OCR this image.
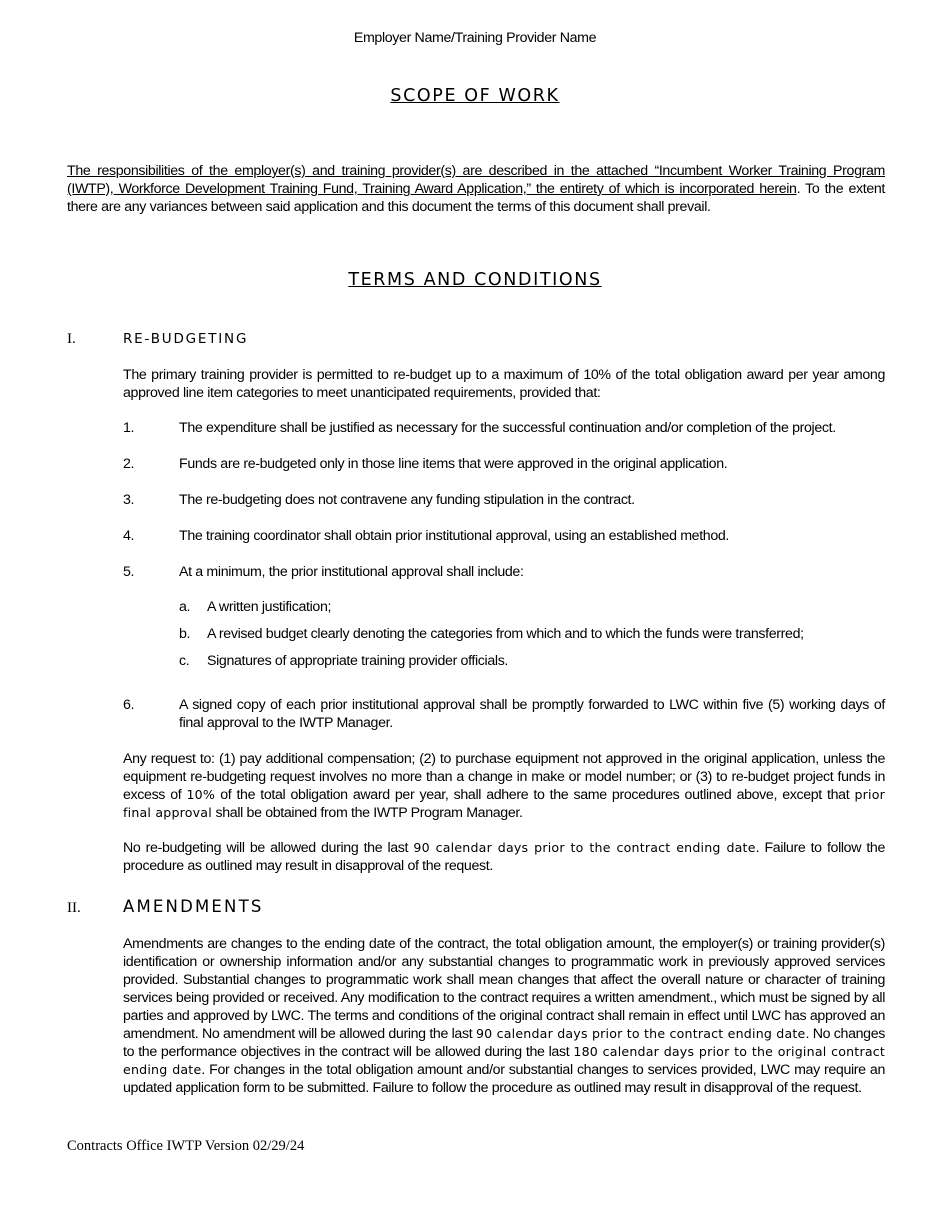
Employer Name/Training Provider Name
SCOPE OF WORK
The responsibilities of the employer(s) and training provider(s) are described in the attached “Incumbent Worker Training Program (IWTP), Workforce Development Training Fund, Training Award Application,” the entirety of which is incorporated herein. To the extent there are any variances between said application and this document the terms of this document shall prevail.
TERMS AND CONDITIONS
I.	RE-BUDGETING
The primary training provider is permitted to re-budget up to a maximum of 10% of the total obligation award per year among approved line item categories to meet unanticipated requirements, provided that:
1.	The expenditure shall be justified as necessary for the successful continuation and/or completion of the project.
2.	Funds are re-budgeted only in those line items that were approved in the original application.
3.	The re-budgeting does not contravene any funding stipulation in the contract.
4.	The training coordinator shall obtain prior institutional approval, using an established method.
5.	At a minimum, the prior institutional approval shall include:
a. A written justification;
b. A revised budget clearly denoting the categories from which and to which the funds were transferred;
c. Signatures of appropriate training provider officials.
6.	A signed copy of each prior institutional approval shall be promptly forwarded to LWC within five (5) working days of final approval to the IWTP Manager.
Any request to: (1) pay additional compensation; (2) to purchase equipment not approved in the original application, unless the equipment re-budgeting request involves no more than a change in make or model number; or (3) to re-budget project funds in excess of 10% of the total obligation award per year, shall adhere to the same procedures outlined above, except that prior final approval shall be obtained from the IWTP Program Manager.
No re-budgeting will be allowed during the last 90 calendar days prior to the contract ending date. Failure to follow the procedure as outlined may result in disapproval of the request.
II.	AMENDMENTS
Amendments are changes to the ending date of the contract, the total obligation amount, the employer(s) or training provider(s) identification or ownership information and/or any substantial changes to programmatic work in previously approved services provided. Substantial changes to programmatic work shall mean changes that affect the overall nature or character of training services being provided or received. Any modification to the contract requires a written amendment., which must be signed by all parties and approved by LWC. The terms and conditions of the original contract shall remain in effect until LWC has approved an amendment. No amendment will be allowed during the last 90 calendar days prior to the contract ending date. No changes to the performance objectives in the contract will be allowed during the last 180 calendar days prior to the original contract ending date. For changes in the total obligation amount and/or substantial changes to services provided, LWC may require an updated application form to be submitted. Failure to follow the procedure as outlined may result in disapproval of the request.
Contracts Office IWTP Version 02/29/24
